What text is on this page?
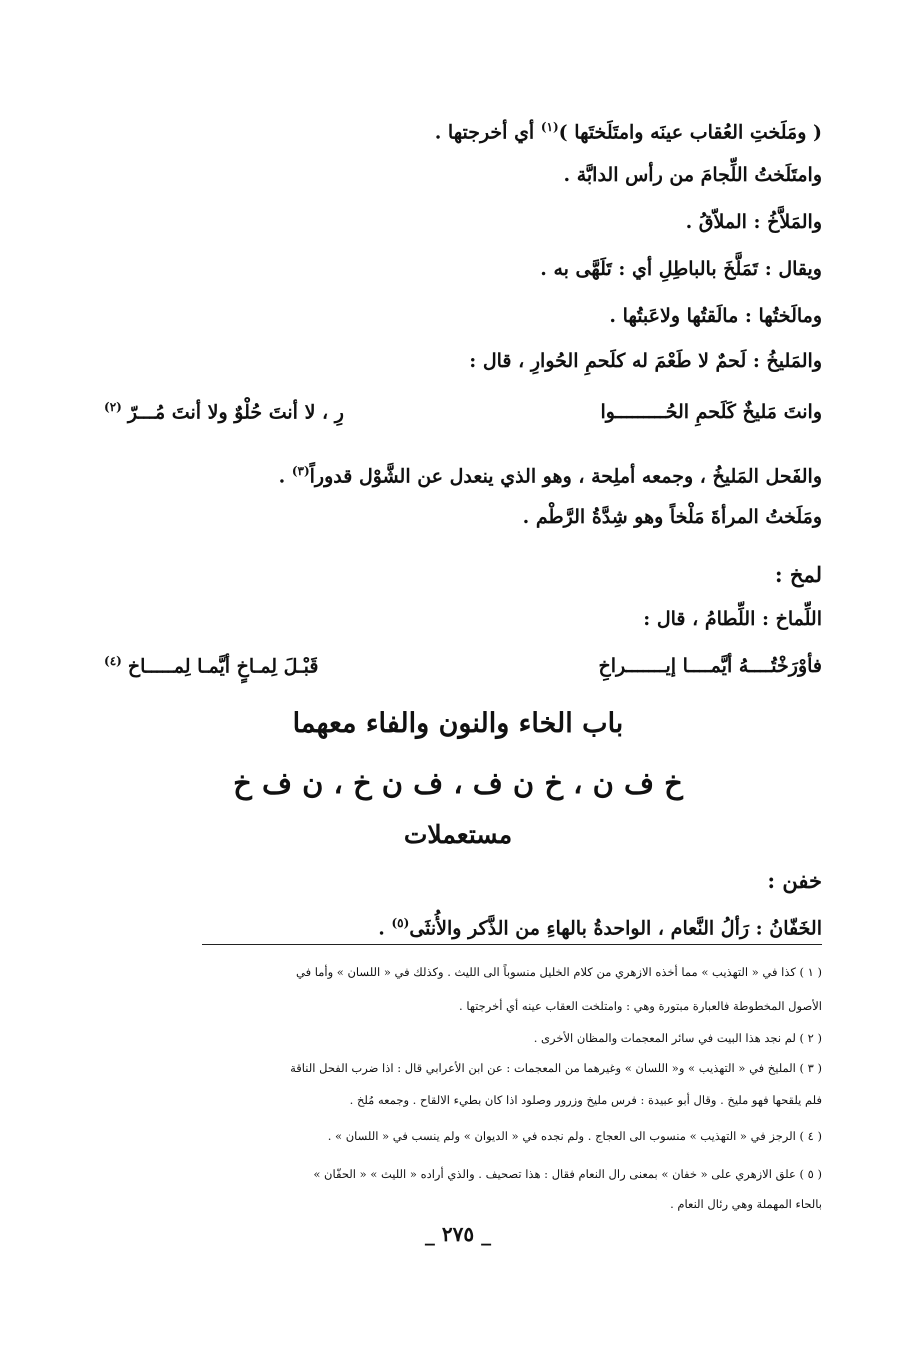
( ومَلَختِ العُقاب عينَه وامتَلَختَها )$^{(١)}$ أي أخرجتها .
وامتَلَختُ اللِّجامَ من رأس الدابَّة .
والمَلاَّخُ : الملاّقُ .
ويقال : تَمَلَّخَ بالباطِلِ أي : تَلَهَّى به .
ومالَختُها : مالَقتُها ولاعَبتُها .
والمَليخُ : لَحمٌ لا طَعْمَ له كلَحمِ الحُوارِ ، قال :
وانتَ مَليخٌ كَلَحمِ الحُـــــــــوا
رِ ، لا أنتَ حُلْوٌ ولا أنتَ مُـــرّ$^{(٢)}$
والفَحل المَليخُ ، وجمعه أملِحة ، وهو الذي ينعدل عن الشَّوْل قدوراً$^{(٣)}$ .
ومَلَختُ المرأةَ مَلْخاً وهو شِدَّةُ الرَّطْم .
لمخ :
اللِّماخ : اللِّطامُ ، قال :
فأوْرَخْتُــــهُ أيَّمــــا إيـــــــراخِ
قَبْـلَ لِمـاخٍ أيَّمـا لِمـــــاخ$^{(٤)}$
باب الخاء والنون والفاء معهما
خ ف ن ، خ ن ف ، ف ن خ ، ن ف خ
مستعملات
خفن :
الخَفّانُ : رَألُ النَّعام ، الواحدةُ بالهاءِ من الذَّكر والأُنثَى$^{(٥)}$ .
( ١ ) كذا في « التهذيب » مما أخذه الازهري من كلام الخليل منسوباً الى الليث . وكذلك في « اللسان » وأما في
الأصول المخطوطة فالعبارة مبتورة وهي : وامتلخت العقاب عينه أي أخرجتها .
( ٢ ) لم نجد هذا البيت في سائر المعجمات والمظان الأخرى .
( ٣ ) المليخ في « التهذيب » و« اللسان » وغيرهما من المعجمات : عن ابن الأعرابي قال : اذا ضرب الفحل الناقة
فلم يلقحها فهو مليخ . وقال أبو عبيدة : فرس مليخ وزرور وصلود اذا كان بطيء الالقاح . وجمعه مُلخ .
( ٤ ) الرجز في « التهذيب » منسوب الى العجاج . ولم نجده في « الديوان » ولم ينسب في « اللسان » .
( ٥ ) علق الازهري على « خفان » بمعنى رال النعام فقال : هذا تصحيف . والذي أراده « الليث » « الحفّان »
بالحاء المهملة وهي رئال النعام .
_ ٢٧٥ _
